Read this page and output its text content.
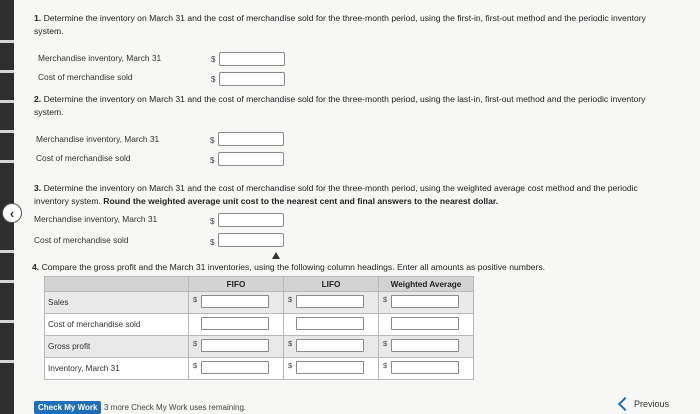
1. Determine the inventory on March 31 and the cost of merchandise sold for the three-month period, using the first-in, first-out method and the periodic inventory system.
Merchandise inventory, March 31	$
Cost of merchandise sold	$
2. Determine the inventory on March 31 and the cost of merchandise sold for the three-month period, using the last-in, first-out method and the periodic inventory system.
Merchandise inventory, March 31	$
Cost of merchandise sold	$
3. Determine the inventory on March 31 and the cost of merchandise sold for the three-month period, using the weighted average cost method and the periodic inventory system. Round the weighted average unit cost to the nearest cent and final answers to the nearest dollar.
Merchandise inventory, March 31	$
Cost of merchandise sold	$
4. Compare the gross profit and the March 31 inventories, using the following column headings. Enter all amounts as positive numbers.
	FIFO	LIFO	Weighted Average
Sales	$	$	$

Cost of merchandise sold	

Gross profit	$	$	$

Inventory, March 31	$	$	$
Check My Work 3 more Check My Work uses remaining.	Previous
‹
